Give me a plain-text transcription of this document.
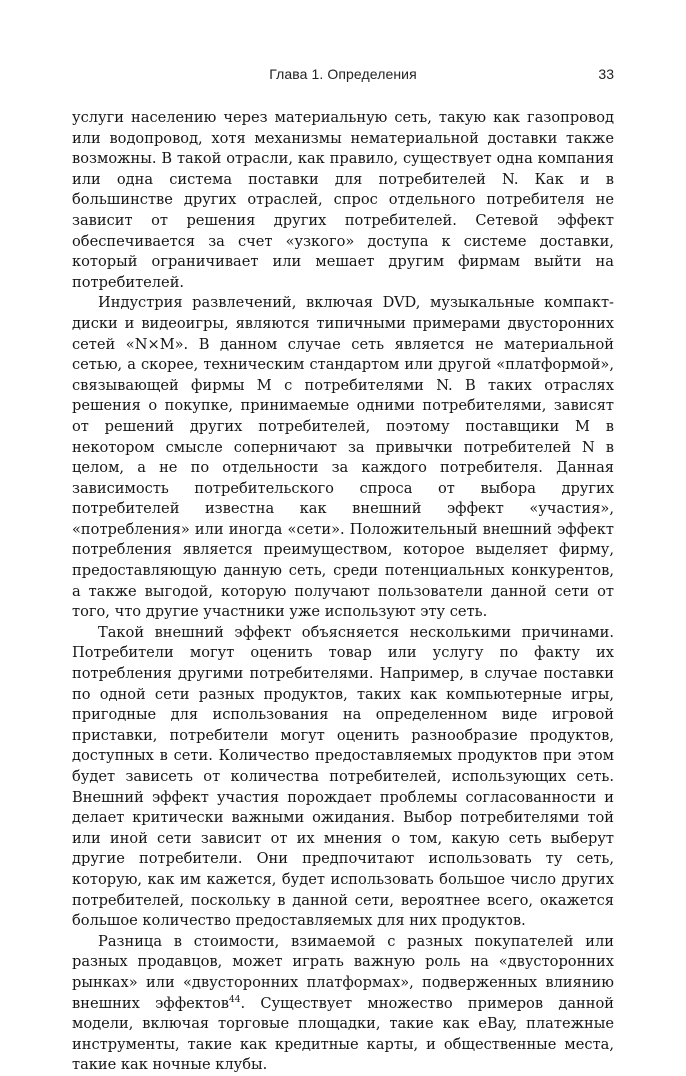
Глава 1. Определения	33

услуги населению через материальную сеть, такую как газопровод или водопровод, хотя механизмы нематериальной доставки также возможны. В такой отрасли, как правило, существует одна компания или одна система поставки для потребителей N. Как и в большинстве других отраслей, спрос отдельного потребителя не зависит от решения других потребителей. Сетевой эффект обеспечивается за счет «узкого» доступа к системе доставки, который ограничивает или мешает другим фирмам выйти на потребителей.

Индустрия развлечений, включая DVD, музыкальные компакт-диски и видеоигры, являются типичными примерами двусторонних сетей «N×M». В данном случае сеть является не материальной сетью, а скорее, техническим стандартом или другой «платформой», связывающей фирмы M с потребителями N. В таких отраслях решения о покупке, принимаемые одними потребителями, зависят от решений других потребителей, поэтому поставщики M в некотором смысле соперничают за привычки потребителей N в целом, а не по отдельности за каждого потребителя. Данная зависимость потребительского спроса от выбора других потребителей известна как внешний эффект «участия», «потребления» или иногда «сети». Положительный внешний эффект потребления является преимуществом, которое выделяет фирму, предоставляющую данную сеть, среди потенциальных конкурентов, а также выгодой, которую получают пользователи данной сети от того, что другие участники уже используют эту сеть.

Такой внешний эффект объясняется несколькими причинами. Потребители могут оценить товар или услугу по факту их потребления другими потребителями. Например, в случае поставки по одной сети разных продуктов, таких как компьютерные игры, пригодные для использования на определенном виде игровой приставки, потребители могут оценить разнообразие продуктов, доступных в сети. Количество предоставляемых продуктов при этом будет зависеть от количества потребителей, использующих сеть. Внешний эффект участия порождает проблемы согласованности и делает критически важными ожидания. Выбор потребителями той или иной сети зависит от их мнения о том, какую сеть выберут другие потребители. Они предпочитают использовать ту сеть, которую, как им кажется, будет использовать большое число других потребителей, поскольку в данной сети, вероятнее всего, окажется большое количество предоставляемых для них продуктов.

Разница в стоимости, взимаемой с разных покупателей или разных продавцов, может играть важную роль на «двусторонних рынках» или «двусторонних платформах», подверженных влиянию внешних эффектов$^{44}$. Существует множество примеров данной модели, включая торговые площадки, такие как eBay, платежные инструменты, такие как кредитные карты, и общественные места, такие как ночные клубы.
